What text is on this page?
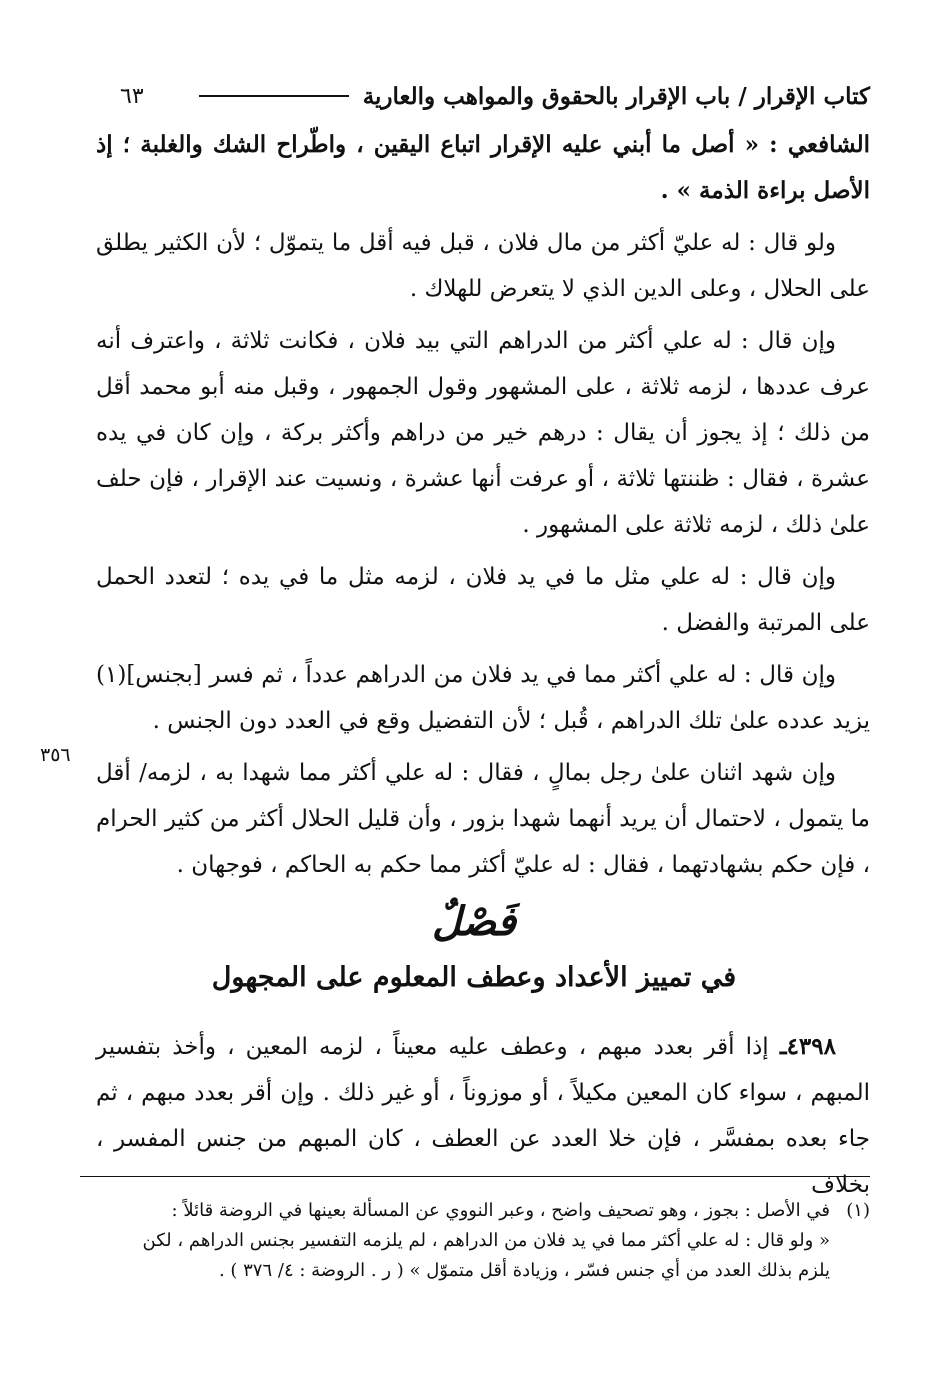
كتاب الإقرار / باب الإقرار بالحقوق والمواهب والعارية
٦٣

الشافعي : « أصل ما أبني عليه الإقرار اتباع اليقين ، واطّراح الشك والغلبة ؛ إذ الأصل براءة الذمة » .

ولو قال : له عليّ أكثر من مال فلان ، قبل فيه أقل ما يتموّل ؛ لأن الكثير يطلق على الحلال ، وعلى الدين الذي لا يتعرض للهلاك .

وإن قال : له علي أكثر من الدراهم التي بيد فلان ، فكانت ثلاثة ، واعترف أنه عرف عددها ، لزمه ثلاثة ، على المشهور وقول الجمهور ، وقبل منه أبو محمد أقل من ذلك ؛ إذ يجوز أن يقال : درهم خير من دراهم وأكثر بركة ، وإن كان في يده عشرة ، فقال : ظننتها ثلاثة ، أو عرفت أنها عشرة ، ونسيت عند الإقرار ، فإن حلف علىٰ ذلك ، لزمه ثلاثة على المشهور .

وإن قال : له علي مثل ما في يد فلان ، لزمه مثل ما في يده ؛ لتعدد الحمل على المرتبة والفضل .

وإن قال : له علي أكثر مما في يد فلان من الدراهم عدداً ، ثم فسر [بجنس](١) يزيد عدده علىٰ تلك الدراهم ، قُبل ؛ لأن التفضيل وقع في العدد دون الجنس .

وإن شهد اثنان علىٰ رجل بمالٍ ، فقال : له علي أكثر مما شهدا به ، لزمه/ أقل ما يتمول ، لاحتمال أن يريد أنهما شهدا بزور ، وأن قليل الحلال أكثر من كثير الحرام ، فإن حكم بشهادتهما ، فقال : له عليّ أكثر مما حكم به الحاكم ، فوجهان .

٣٥٦
فَصْلٌ
في تمييز الأعداد وعطف المعلوم على المجهول

٤٣٩٨ـ إذا أقر بعدد مبهم ، وعطف عليه معيناً ، لزمه المعين ، وأخذ بتفسير المبهم ، سواء كان المعين مكيلاً ، أو موزوناً ، أو غير ذلك . وإن أقر بعدد مبهم ، ثم جاء بعده بمفسَّر ، فإن خلا العدد عن العطف ، كان المبهم من جنس المفسر ، بخلاف

(١)في الأصل : بجوز ، وهو تصحيف واضح ، وعبر النووي عن المسألة بعينها في الروضة قائلاً :
« ولو قال : له علي أكثر مما في يد فلان من الدراهم ، لم يلزمه التفسير بجنس الدراهم ، لكن
يلزم بذلك العدد من أي جنس فسّر ، وزيادة أقل متموّل » ( ر . الروضة : ٤/ ٣٧٦ ) .
